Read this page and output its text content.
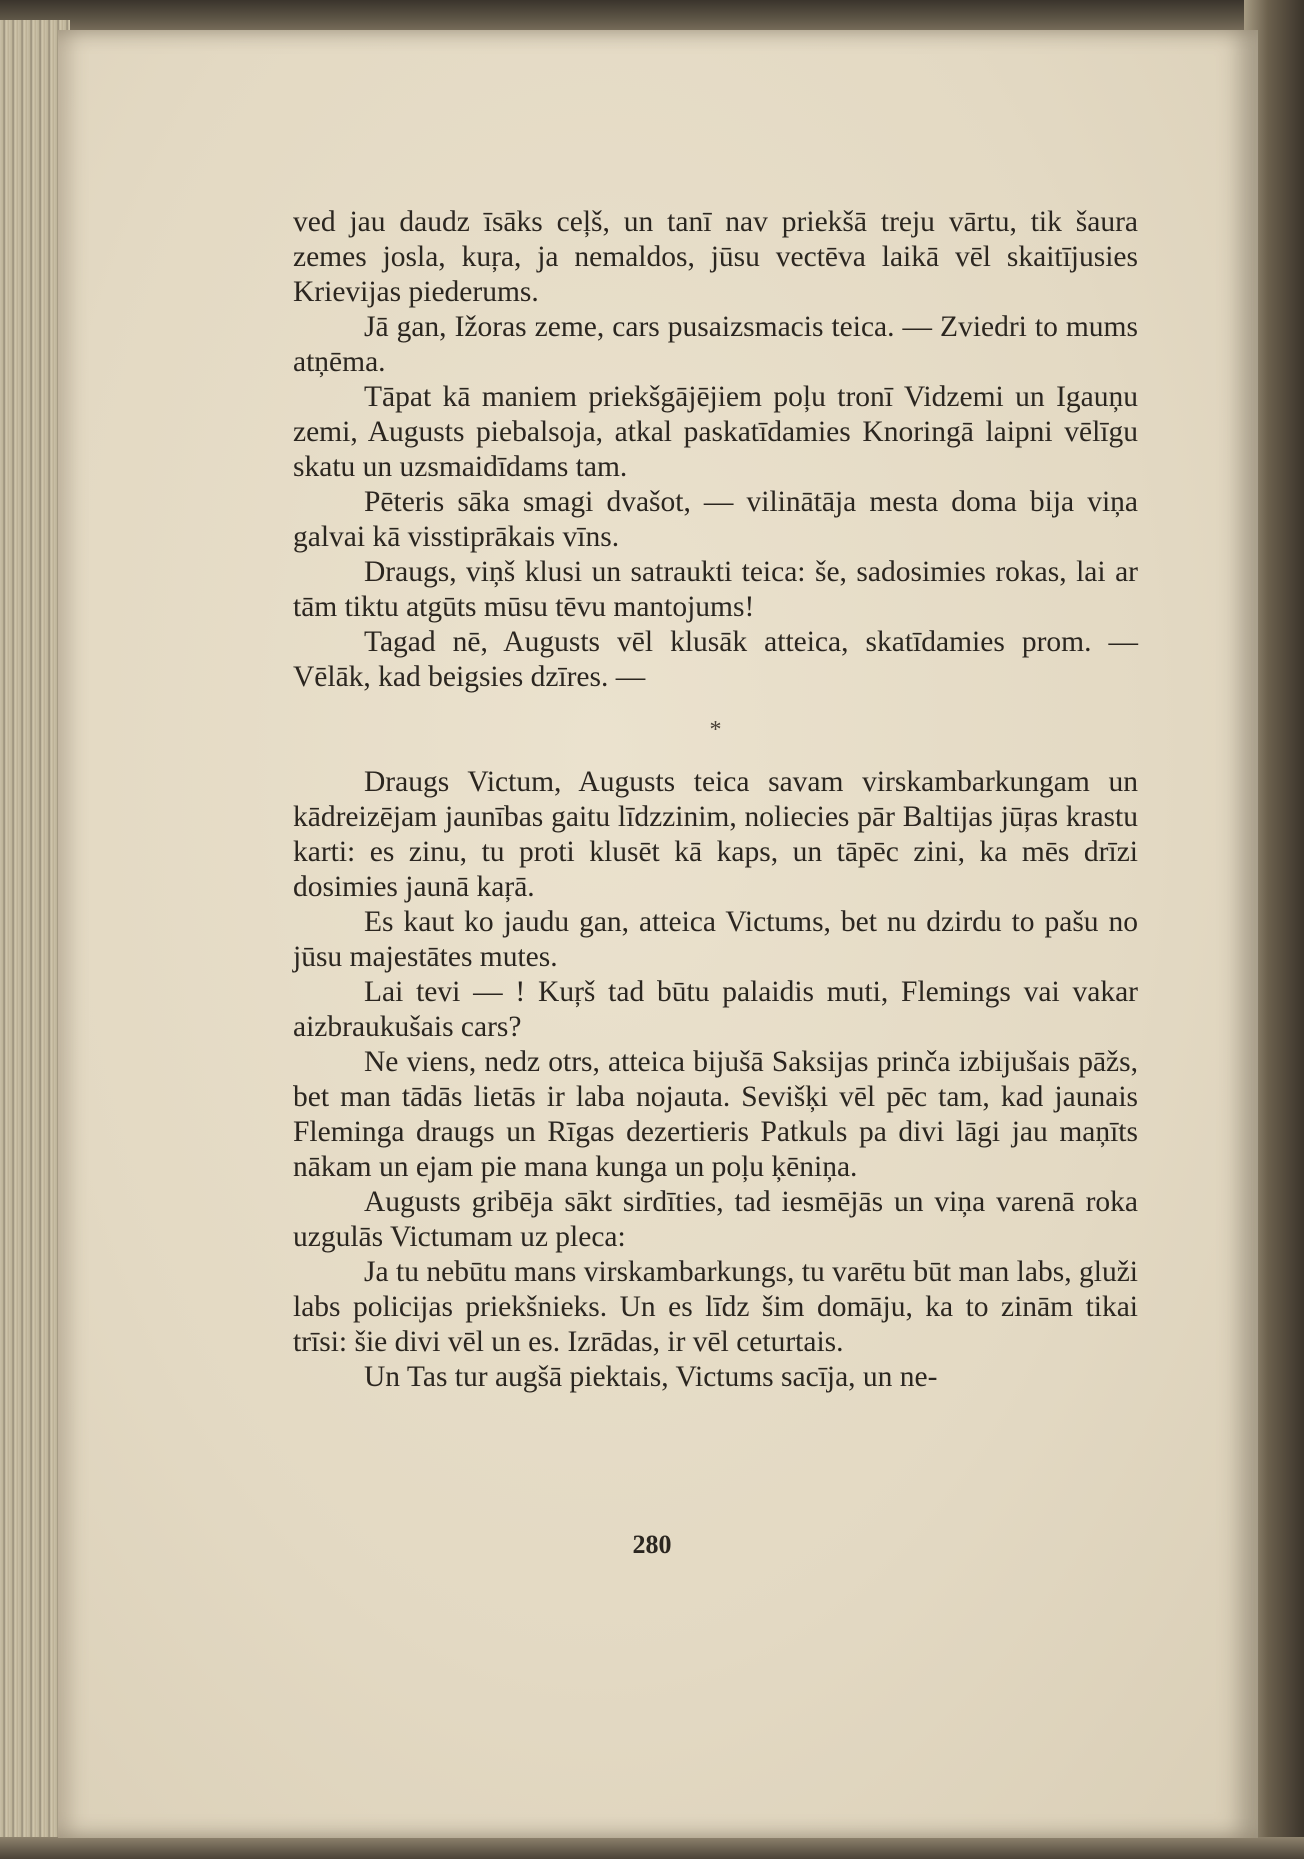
ved jau daudz īsāks ceļš, un tanī nav priekšā treju vārtu, tik šaura zemes josla, kuŗa, ja nemaldos, jūsu vectēva laikā vēl skaitījusies Krievijas piederums.

Jā gan, Ižoras zeme, cars pusaizsmacis teica. — Zviedri to mums atņēma.

Tāpat kā maniem priekšgājējiem poļu tronī Vidzemi un Igauņu zemi, Augusts piebalsoja, atkal paskatīdamies Knoringā laipni vēlīgu skatu un uzsmaidīdams tam.

Pēteris sāka smagi dvašot, — vilinātāja mesta doma bija viņa galvai kā visstiprākais vīns.

Draugs, viņš klusi un satraukti teica: še, sadosimies rokas, lai ar tām tiktu atgūts mūsu tēvu mantojums!

Tagad nē, Augusts vēl klusāk atteica, skatīdamies prom. — Vēlāk, kad beigsies dzīres. —

*

Draugs Victum, Augusts teica savam virskambarkungam un kādreizējam jaunības gaitu līdzzinim, noliecies pār Baltijas jūŗas krastu karti: es zinu, tu proti klusēt kā kaps, un tāpēc zini, ka mēs drīzi dosimies jaunā kaŗā.

Es kaut ko jaudu gan, atteica Victums, bet nu dzirdu to pašu no jūsu majestātes mutes.

Lai tevi — ! Kuŗš tad būtu palaidis muti, Flemings vai vakar aizbraukušais cars?

Ne viens, nedz otrs, atteica bijušā Saksijas prinča izbijušais pāžs, bet man tādās lietās ir laba nojauta. Sevišķi vēl pēc tam, kad jaunais Fleminga draugs un Rīgas dezertieris Patkuls pa divi lāgi jau maņīts nākam un ejam pie mana kunga un poļu ķēniņa.

Augusts gribēja sākt sirdīties, tad iesmējās un viņa varenā roka uzgulās Victumam uz pleca:

Ja tu nebūtu mans virskambarkungs, tu varētu būt man labs, gluži labs policijas priekšnieks. Un es līdz šim domāju, ka to zinām tikai trīsi: šie divi vēl un es. Izrādas, ir vēl ceturtais.

Un Tas tur augšā piektais, Victums sacīja, un ne-

280
